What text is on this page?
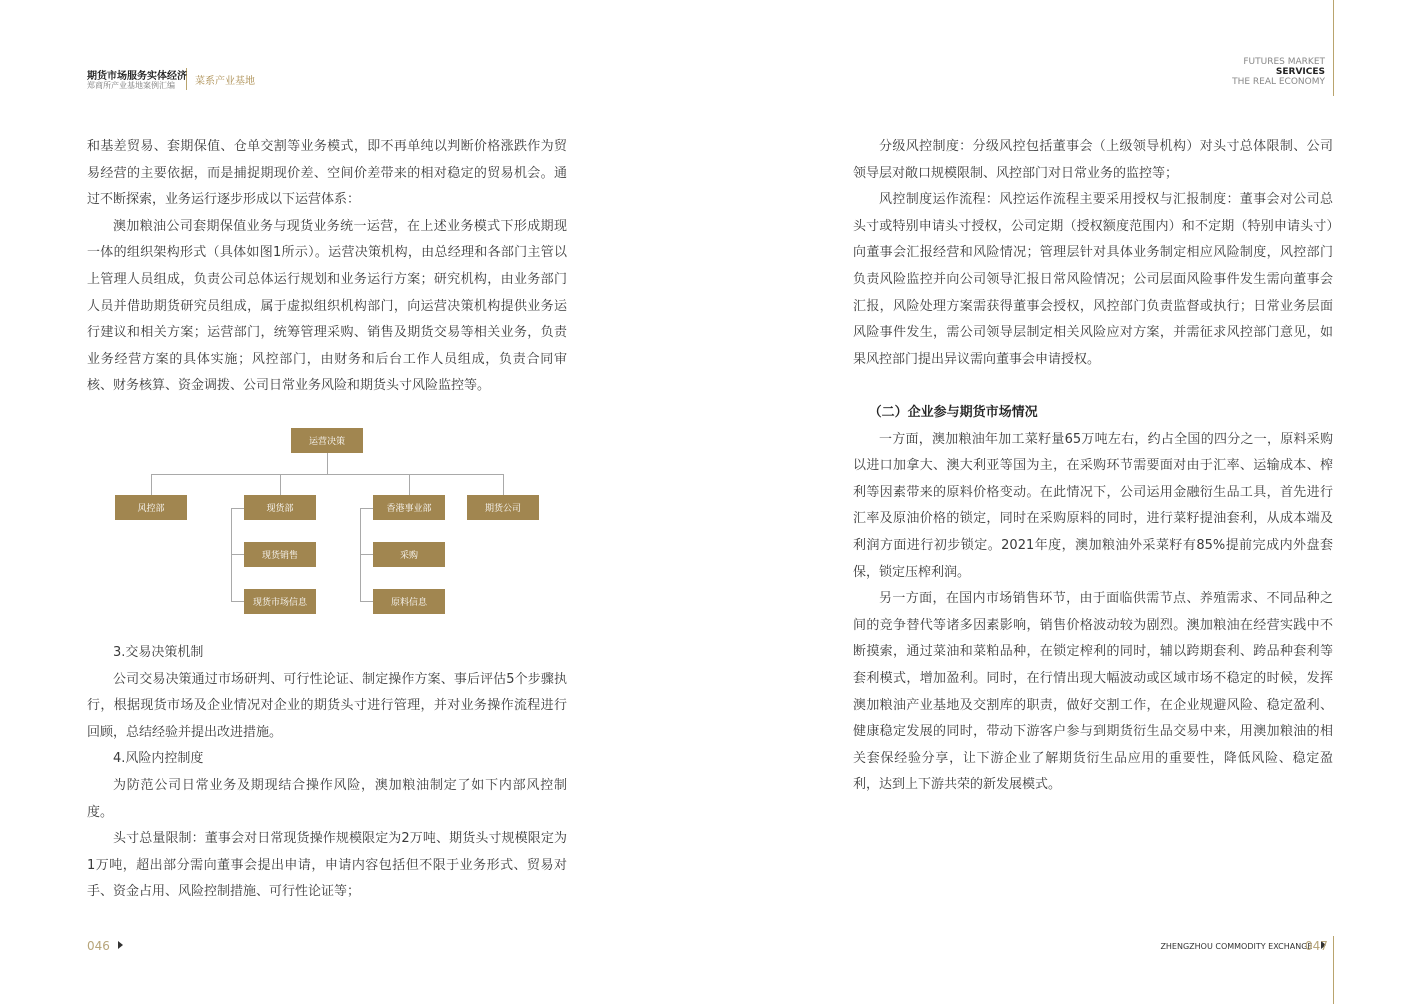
期货市场服务实体经济
郑商所产业基地案例汇编 菜系产业基地
FUTURES MARKET
SERVICES
THE REAL ECONOMY

和基差贸易、套期保值、仓单交割等业务模式，即不再单纯以判断价格涨跌作为贸易经营的主要依据，而是捕捉期现价差、空间价差带来的相对稳定的贸易机会。通过不断探索，业务运行逐步形成以下运营体系：

澳加粮油公司套期保值业务与现货业务统一运营，在上述业务模式下形成期现一体的组织架构形式（具体如图1所示）。运营决策机构，由总经理和各部门主管以上管理人员组成，负责公司总体运行规划和业务运行方案；研究机构，由业务部门人员并借助期货研究员组成，属于虚拟组织机构部门，向运营决策机构提供业务运行建议和相关方案；运营部门，统筹管理采购、销售及期货交易等相关业务，负责业务经营方案的具体实施；风控部门，由财务和后台工作人员组成，负责合同审核、财务核算、资金调拨、公司日常业务风险和期货头寸风险监控等。

运营决策
风控部	现货部	香港事业部	期货公司
现货销售
现货市场信息
采购
原料信息

3.交易决策机制

公司交易决策通过市场研判、可行性论证、制定操作方案、事后评估5个步骤执行，根据现货市场及企业情况对企业的期货头寸进行管理，并对业务操作流程进行回顾，总结经验并提出改进措施。

4.风险内控制度

为防范公司日常业务及期现结合操作风险，澳加粮油制定了如下内部风控制度。

头寸总量限制：董事会对日常现货操作规模限定为2万吨、期货头寸规模限定为1万吨，超出部分需向董事会提出申请，申请内容包括但不限于业务形式、贸易对手、资金占用、风险控制措施、可行性论证等；

分级风控制度：分级风控包括董事会（上级领导机构）对头寸总体限制、公司领导层对敞口规模限制、风控部门对日常业务的监控等；

风控制度运作流程：风控运作流程主要采用授权与汇报制度：董事会对公司总头寸或特别申请头寸授权，公司定期（授权额度范围内）和不定期（特别申请头寸）向董事会汇报经营和风险情况；管理层针对具体业务制定相应风险制度，风控部门负责风险监控并向公司领导汇报日常风险情况；公司层面风险事件发生需向董事会汇报，风险处理方案需获得董事会授权，风控部门负责监督或执行；日常业务层面风险事件发生，需公司领导层制定相关风险应对方案，并需征求风控部门意见，如果风控部门提出异议需向董事会申请授权。

（二）企业参与期货市场情况

一方面，澳加粮油年加工菜籽量65万吨左右，约占全国的四分之一，原料采购以进口加拿大、澳大利亚等国为主，在采购环节需要面对由于汇率、运输成本、榨利等因素带来的原料价格变动。在此情况下，公司运用金融衍生品工具，首先进行汇率及原油价格的锁定，同时在采购原料的同时，进行菜籽提油套利，从成本端及利润方面进行初步锁定。2021年度，澳加粮油外采菜籽有85%提前完成内外盘套保，锁定压榨利润。

另一方面，在国内市场销售环节，由于面临供需节点、养殖需求、不同品种之间的竞争替代等诸多因素影响，销售价格波动较为剧烈。澳加粮油在经营实践中不断摸索，通过菜油和菜粕品种，在锁定榨利的同时，辅以跨期套利、跨品种套利等套利模式，增加盈利。同时，在行情出现大幅波动或区域市场不稳定的时候，发挥澳加粮油产业基地及交割库的职责，做好交割工作，在企业规避风险、稳定盈利、健康稳定发展的同时，带动下游客户参与到期货衍生品交易中来，用澳加粮油的相关套保经验分享，让下游企业了解期货衍生品应用的重要性，降低风险、稳定盈利，达到上下游共荣的新发展模式。

046	ZHENGZHOU COMMODITY EXCHANGE
047
